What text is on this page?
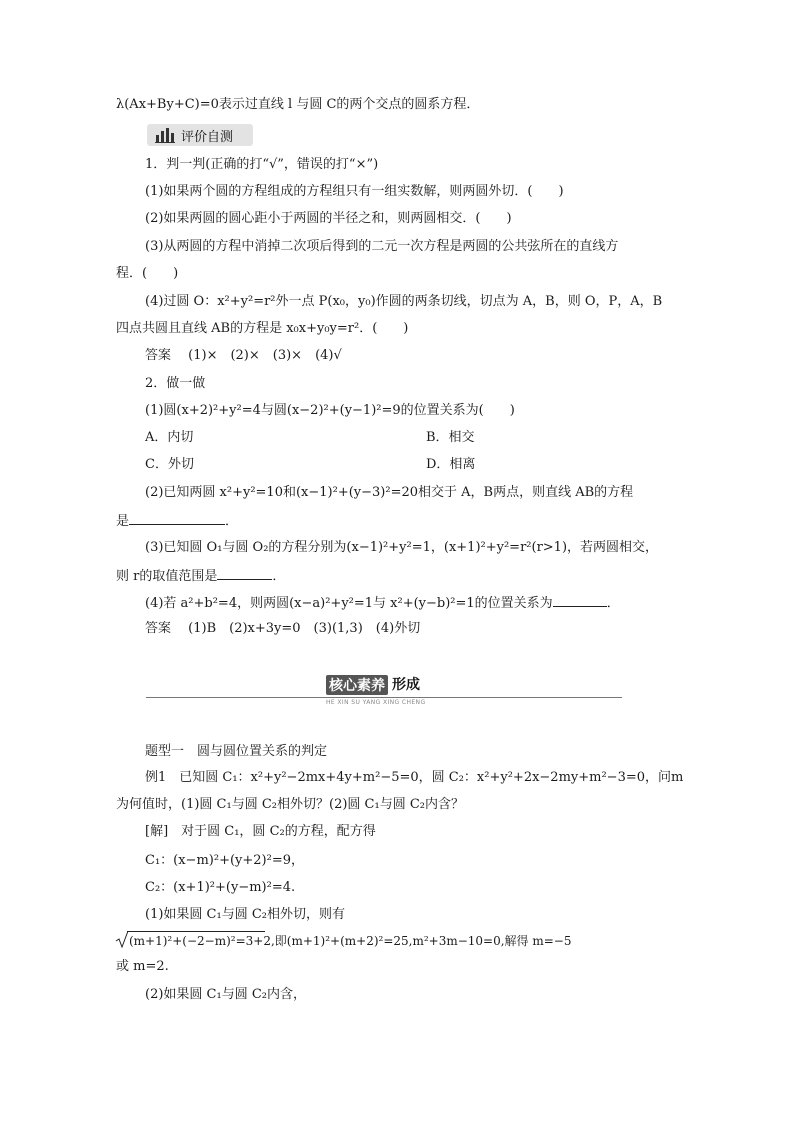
λ(Ax+By+C)=0表示过直线 l 与圆 C的两个交点的圆系方程．
评价自测
1．判一判(正确的打“√”，错误的打“×”)
(1)如果两个圆的方程组成的方程组只有一组实数解，则两圆外切．(　　)
(2)如果两圆的圆心距小于两圆的半径之和，则两圆相交．(　　)
(3)从两圆的方程中消掉二次项后得到的二元一次方程是两圆的公共弦所在的直线方
程．(　　)
(4)过圆 O：x²+y²=r²外一点 P(x₀，y₀)作圆的两条切线，切点为 A，B，则 O，P，A，B
四点共圆且直线 AB的方程是 x₀x+y₀y=r²．(　　)
答案　 (1)×　(2)×　(3)×　(4)√
2．做一做
(1)圆(x+2)²+y²=4与圆(x−2)²+(y−1)²=9的位置关系为(　　)
A．内切	B．相交
C．外切	D．相离
(2)已知两圆 x²+y²=10和(x−1)²+(y−3)²=20相交于 A，B两点，则直线 AB的方程
是	．
(3)已知圆 O₁与圆 O₂的方程分别为(x−1)²+y²=1，(x+1)²+y²=r²(r>1)，若两圆相交，
则 r的取值范围是	．
(4)若 a²+b²=4，则两圆(x−a)²+y²=1与 x²+(y−b)²=1的位置关系为	．
答案　 (1)B　(2)x+3y=0　(3)(1,3)　(4)外切
核心素养 形成
HE XIN SU YANG XING CHENG
题型一　圆与圆位置关系的判定
例1　已知圆 C₁：x²+y²−2mx+4y+m²−5=0，圆 C₂：x²+y²+2x−2my+m²−3=0，问m
为何值时，(1)圆 C₁与圆 C₂相外切？(2)圆 C₁与圆 C₂内含？
[解]　对于圆 C₁，圆 C₂的方程，配方得
C₁：(x−m)²+(y+2)²=9，
C₂：(x+1)²+(y−m)²=4.
(1)如果圆 C₁与圆 C₂相外切，则有
(m+1)²+(−2−m)²=3+2,即(m+1)²+(m+2)²=25,m²+3m−10=0,解得 m=−5
或 m=2.
(2)如果圆 C₁与圆 C₂内含，
